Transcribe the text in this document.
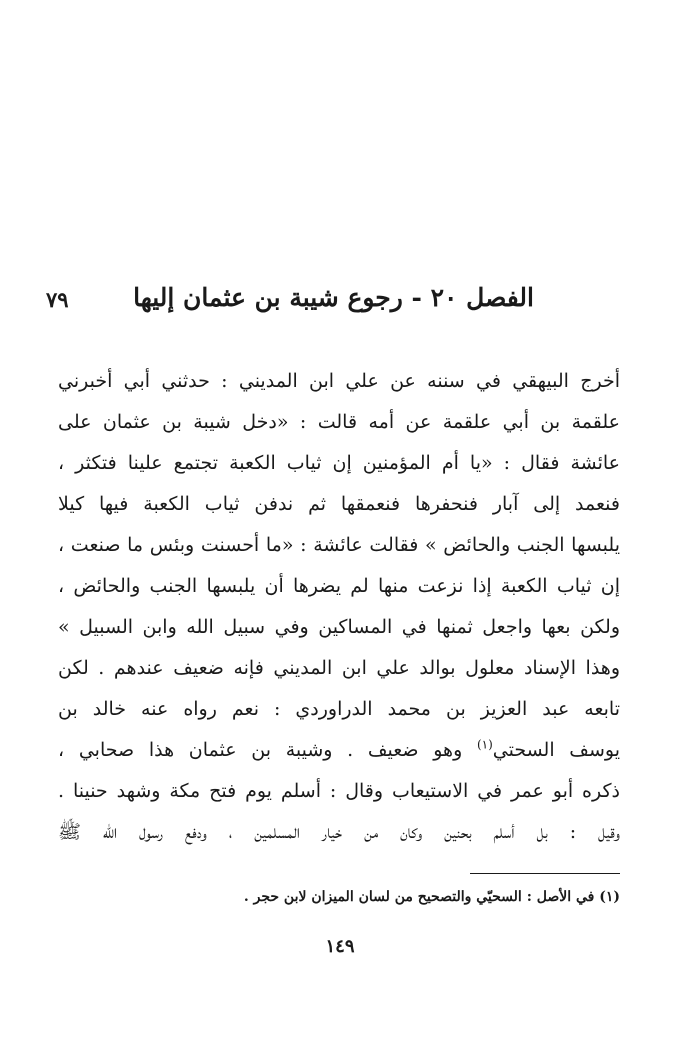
الفصل ٢٠ - رجوع شيبة بن عثمان إليها
٧٩
أخرج البيهقي في سننه عن علي ابن المديني : حدثني أبي أخبرني
علقمة بن أبي علقمة عن أمه قالت : «دخل شيبة بن عثمان على
عائشة فقال : «يا أم المؤمنين إن ثياب الكعبة تجتمع علينا فتكثر ،
فنعمد إلى آبار فنحفرها فنعمقها ثم ندفن ثياب الكعبة فيها كيلا
يلبسها الجنب والحائض » فقالت عائشة : «ما أحسنت وبئس ما صنعت ،
إن ثياب الكعبة إذا نزعت منها لم يضرها أن يلبسها الجنب والحائض ،
ولكن بعها واجعل ثمنها في المساكين وفي سبيل الله وابن السبيل »
وهذا الإسناد معلول بوالد علي ابن المديني فإنه ضعيف عندهم . لكن
تابعه عبد العزيز بن محمد الدراوردي : نعم رواه عنه خالد بن
يوسف السحتي$^{(١)}$ وهو ضعيف . وشيبة بن عثمان هذا صحابي ،
ذكره أبو عمر في الاستيعاب وقال : أسلم يوم فتح مكة وشهد حنينا .
وقيل : بل أسلم بحنين وكان من خيار المسلمين ، ودفع رسول الله ﷺ
(١) في الأصل : السحيّي والتصحيح من لسان الميزان لابن حجر .
١٤٩
